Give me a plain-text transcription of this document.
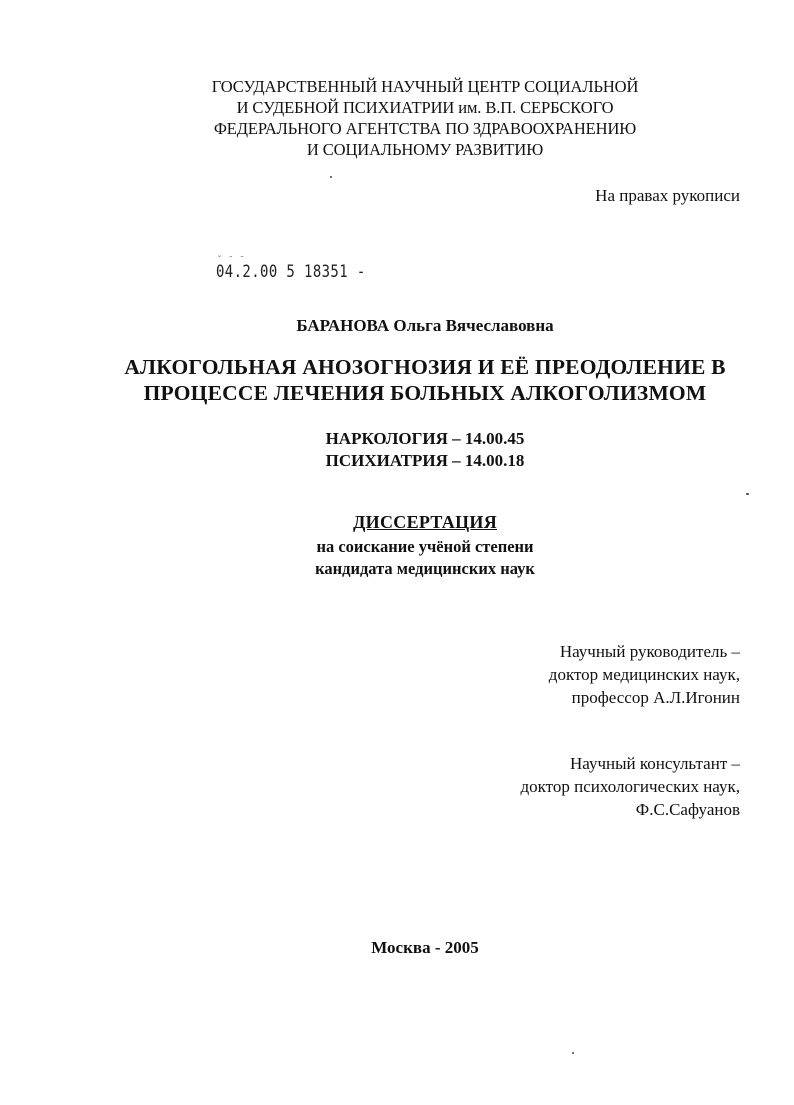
ГОСУДАРСТВЕННЫЙ НАУЧНЫЙ ЦЕНТР СОЦИАЛЬНОЙ
И СУДЕБНОЙ ПСИХИАТРИИ им. В.П. СЕРБСКОГО
ФЕДЕРАЛЬНОГО АГЕНТСТВА ПО ЗДРАВООХРАНЕНИЮ
И СОЦИАЛЬНОМУ РАЗВИТИЮ
На правах рукописи
˘ ¨ ¨
04.2.00 5 18351 -
БАРАНОВА Ольга Вячеславовна
АЛКОГОЛЬНАЯ АНОЗОГНОЗИЯ И ЕЁ ПРЕОДОЛЕНИЕ В
ПРОЦЕССЕ ЛЕЧЕНИЯ БОЛЬНЫХ АЛКОГОЛИЗМОМ
НАРКОЛОГИЯ – 14.00.45
ПСИХИАТРИЯ – 14.00.18
ДИССЕРТАЦИЯ
на соискание учёной степени
кандидата медицинских наук
Научный руководитель –
доктор медицинских наук,
профессор А.Л.Игонин
Научный консультант –
доктор психологических наук,
Ф.С.Сафуанов
Москва - 2005
